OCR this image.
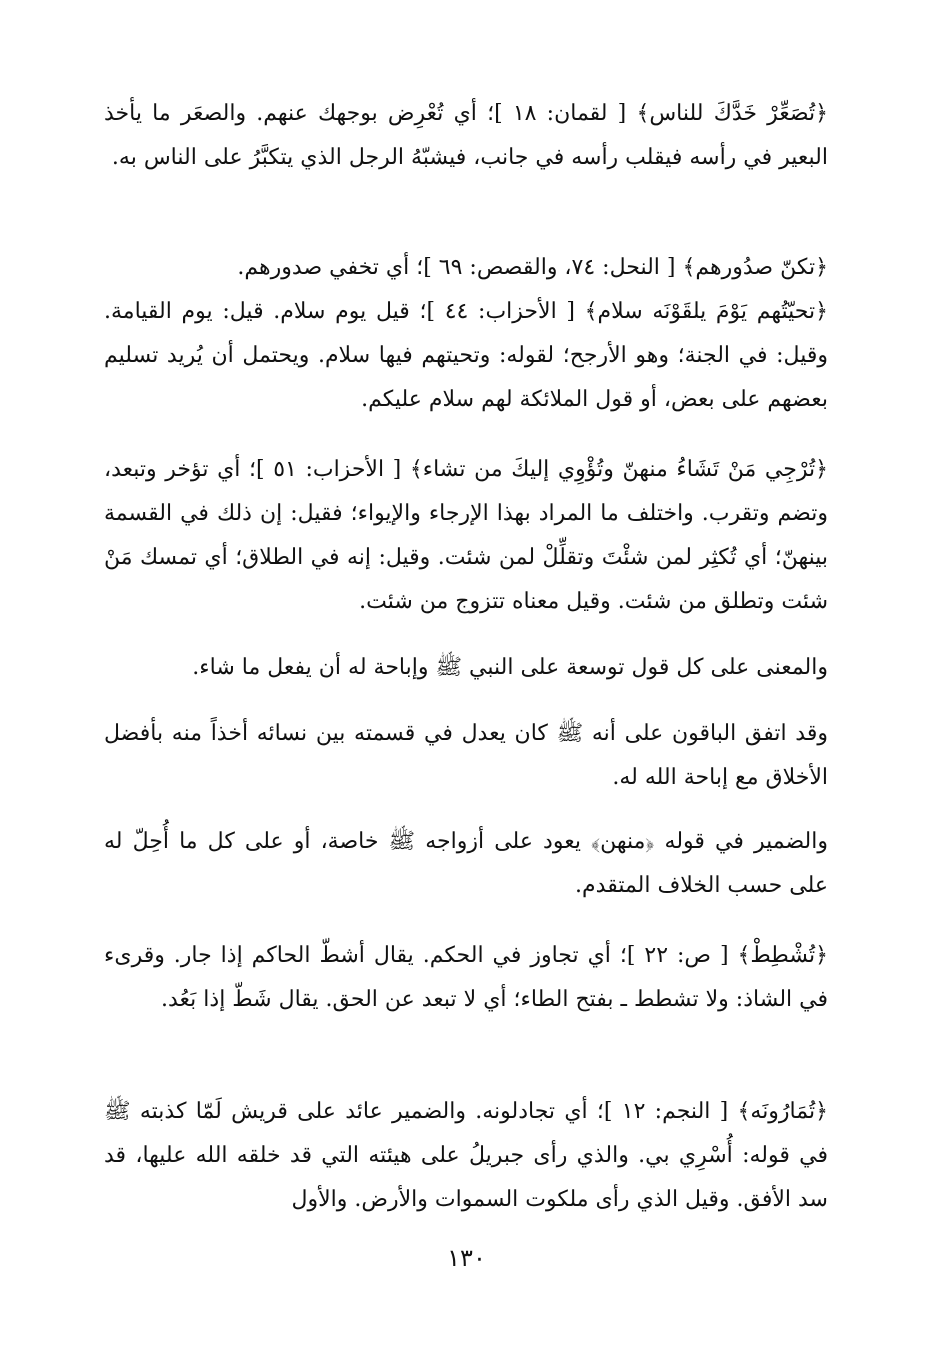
﴿تُصَعِّرْ خَدَّكَ للناس﴾ [ لقمان: ١٨ ]؛ أي تُعْرِض بوجهك عنهم. والصعَر ما يأخذ البعير في رأسه فيقلب رأسه في جانب، فيشبّهُ الرجل الذي يتكبَّرُ على الناس به.
﴿تكنّ صدُورهم﴾ [ النحل: ٧٤، والقصص: ٦٩ ]؛ أي تخفي صدورهم.
﴿تحيّتُهم يَوْمَ يلقَوْنَه سلام﴾ [ الأحزاب: ٤٤ ]؛ قيل يوم سلام. قيل: يوم القيامة. وقيل: في الجنة؛ وهو الأرجح؛ لقوله: وتحيتهم فيها سلام. ويحتمل أن يُريد تسليم بعضهم على بعض، أو قول الملائكة لهم سلام عليكم.
﴿تُرْجِي مَنْ تَشَاءُ منهنّ وتُؤْوِي إليكَ من تشاء﴾ [ الأحزاب: ٥١ ]؛ أي تؤخر وتبعد، وتضم وتقرب. واختلف ما المراد بهذا الإرجاء والإيواء؛ فقيل: إن ذلك في القسمة بينهنّ؛ أي تُكثِر لمن شئْتَ وتقلِّلْ لمن شئت. وقيل: إنه في الطلاق؛ أي تمسك مَنْ شئت وتطلق من شئت. وقيل معناه تتزوج من شئت.
والمعنى على كل قول توسعة على النبي ﷺ وإباحة له أن يفعل ما شاء.
وقد اتفق الباقون على أنه ﷺ كان يعدل في قسمته بين نسائه أخذاً منه بأفضل الأخلاق مع إباحة الله له.
والضمير في قوله ﴿منهن﴾ يعود على أزواجه ﷺ خاصة، أو على كل ما أُحِلّ له على حسب الخلاف المتقدم.
﴿تُشْطِطْ﴾ [ ص: ٢٢ ]؛ أي تجاوز في الحكم. يقال أشطّ الحاكم إذا جار. وقرىء في الشاذ: ولا تشطط ـ بفتح الطاء؛ أي لا تبعد عن الحق. يقال شَطّ إذا بَعُد.
﴿تُمَارُونَه﴾ [ النجم: ١٢ ]؛ أي تجادلونه. والضمير عائد على قريش لَمّا كذبته ﷺ في قوله: أُسْرِي بي. والذي رأى جبريلُ على هيئته التي قد خلقه الله عليها، قد سد الأفق. وقيل الذي رأى ملكوت السموات والأرض. والأول
١٣٠
